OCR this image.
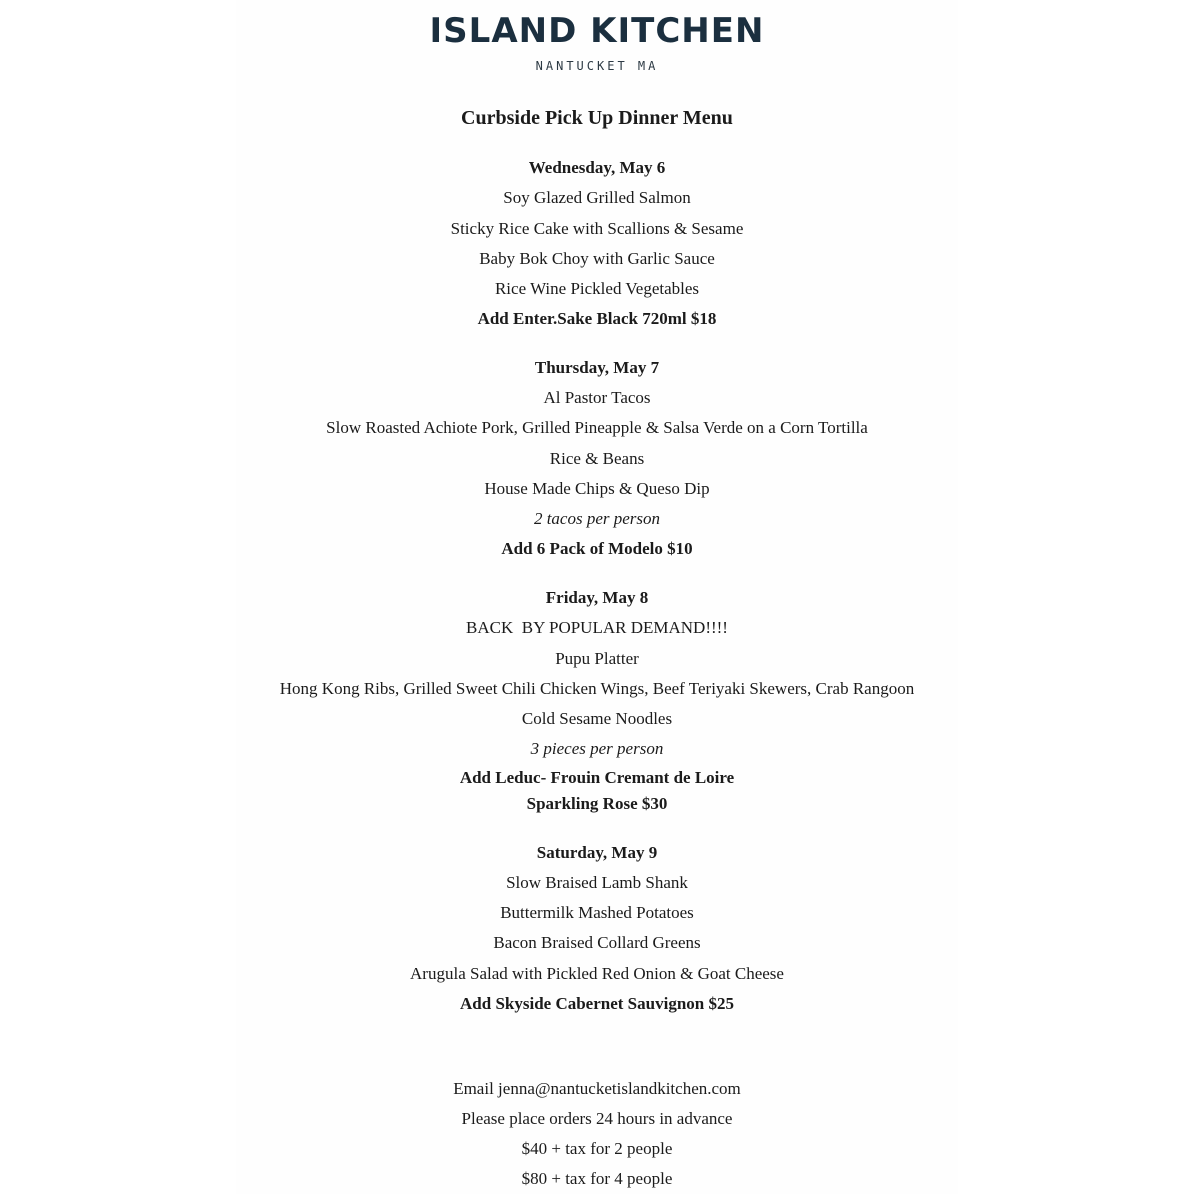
ISLAND KITCHEN
NANTUCKET MA
Curbside Pick Up Dinner Menu
Wednesday, May 6
Soy Glazed Grilled Salmon
Sticky Rice Cake with Scallions & Sesame
Baby Bok Choy with Garlic Sauce
Rice Wine Pickled Vegetables
Add Enter.Sake Black 720ml $18
Thursday, May 7
Al Pastor Tacos
Slow Roasted Achiote Pork, Grilled Pineapple & Salsa Verde on a Corn Tortilla
Rice & Beans
House Made Chips & Queso Dip
2 tacos per person
Add 6 Pack of Modelo $10
Friday, May 8
BACK  BY POPULAR DEMAND!!!!
Pupu Platter
Hong Kong Ribs, Grilled Sweet Chili Chicken Wings, Beef Teriyaki Skewers, Crab Rangoon
Cold Sesame Noodles
3 pieces per person
Add Leduc- Frouin Cremant de Loire
Sparkling Rose $30
Saturday, May 9
Slow Braised Lamb Shank
Buttermilk Mashed Potatoes
Bacon Braised Collard Greens
Arugula Salad with Pickled Red Onion & Goat Cheese
Add Skyside Cabernet Sauvignon $25
Email jenna@nantucketislandkitchen.com
Please place orders 24 hours in advance
$40 + tax for 2 people
$80 + tax for 4 people
